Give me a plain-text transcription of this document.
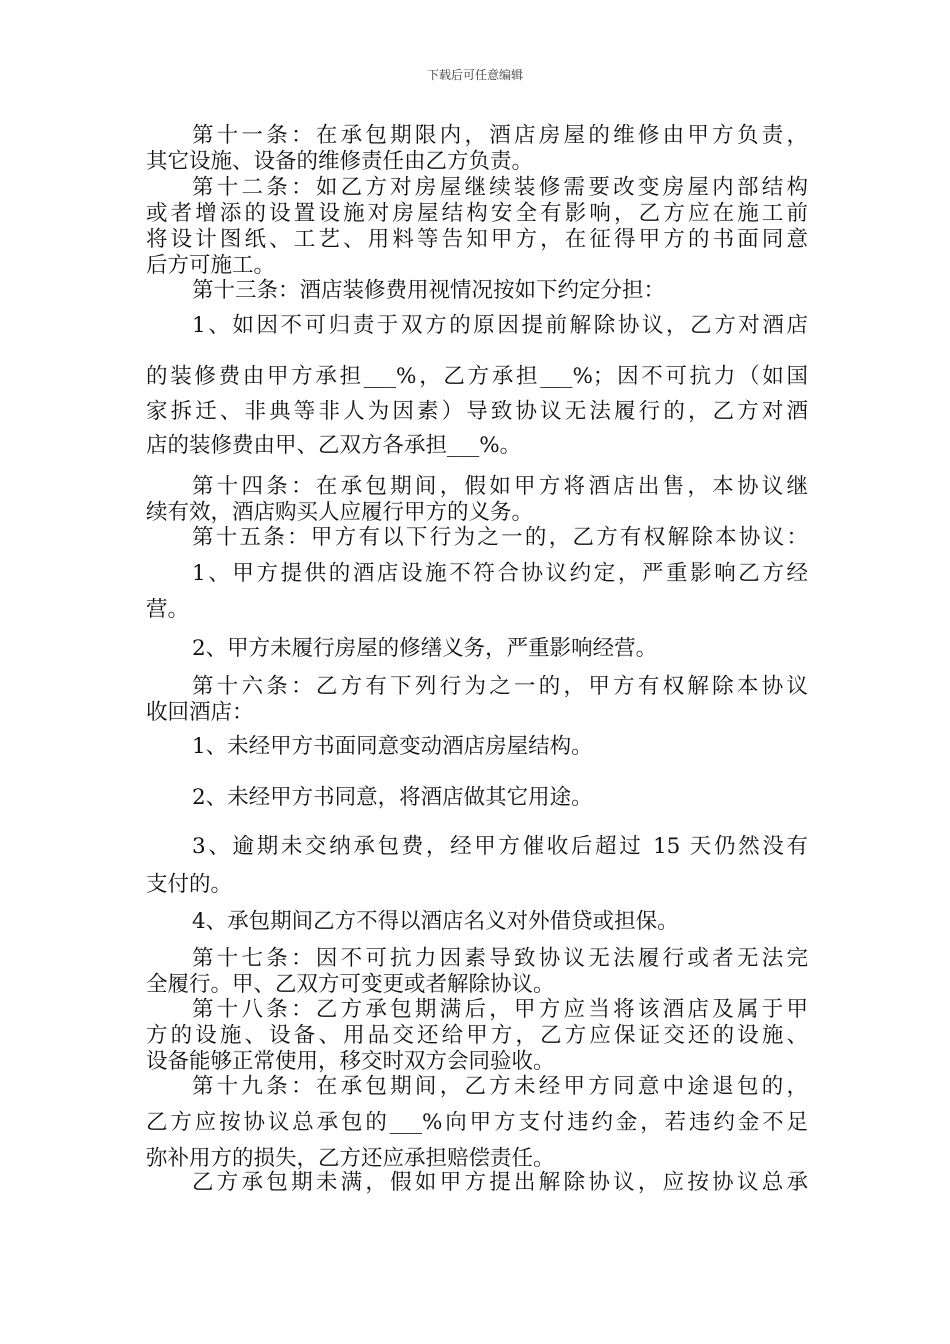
下载后可任意编辑
第十一条：在承包期限内，酒店房屋的维修由甲方负责，
其它设施、设备的维修责任由乙方负责。
第十二条：如乙方对房屋继续装修需要改变房屋内部结构
或者增添的设置设施对房屋结构安全有影响，乙方应在施工前
将设计图纸、工艺、用料等告知甲方，在征得甲方的书面同意
后方可施工。
第十三条：酒店装修费用视情况按如下约定分担：
1、如因不可归责于双方的原因提前解除协议，乙方对酒店
的装修费由甲方承担___%，乙方承担___%；因不可抗力（如国
家拆迁、非典等非人为因素）导致协议无法履行的，乙方对酒
店的装修费由甲、乙双方各承担___%。
第十四条：在承包期间，假如甲方将酒店出售，本协议继
续有效，酒店购买人应履行甲方的义务。
第十五条：甲方有以下行为之一的，乙方有权解除本协议：
1、甲方提供的酒店设施不符合协议约定，严重影响乙方经
营。
2、甲方未履行房屋的修缮义务，严重影响经营。
第十六条：乙方有下列行为之一的，甲方有权解除本协议
收回酒店：
1、未经甲方书面同意变动酒店房屋结构。
2、未经甲方书同意，将酒店做其它用途。
3、逾期未交纳承包费，经甲方催收后超过 15 天仍然没有
支付的。
4、承包期间乙方不得以酒店名义对外借贷或担保。
第十七条：因不可抗力因素导致协议无法履行或者无法完
全履行。甲、乙双方可变更或者解除协议。
第十八条：乙方承包期满后，甲方应当将该酒店及属于甲
方的设施、设备、用品交还给甲方，乙方应保证交还的设施、
设备能够正常使用，移交时双方会同验收。
第十九条：在承包期间，乙方未经甲方同意中途退包的，
乙方应按协议总承包的___%向甲方支付违约金，若违约金不足
弥补用方的损失，乙方还应承担赔偿责任。
乙方承包期未满，假如甲方提出解除协议，应按协议总承
